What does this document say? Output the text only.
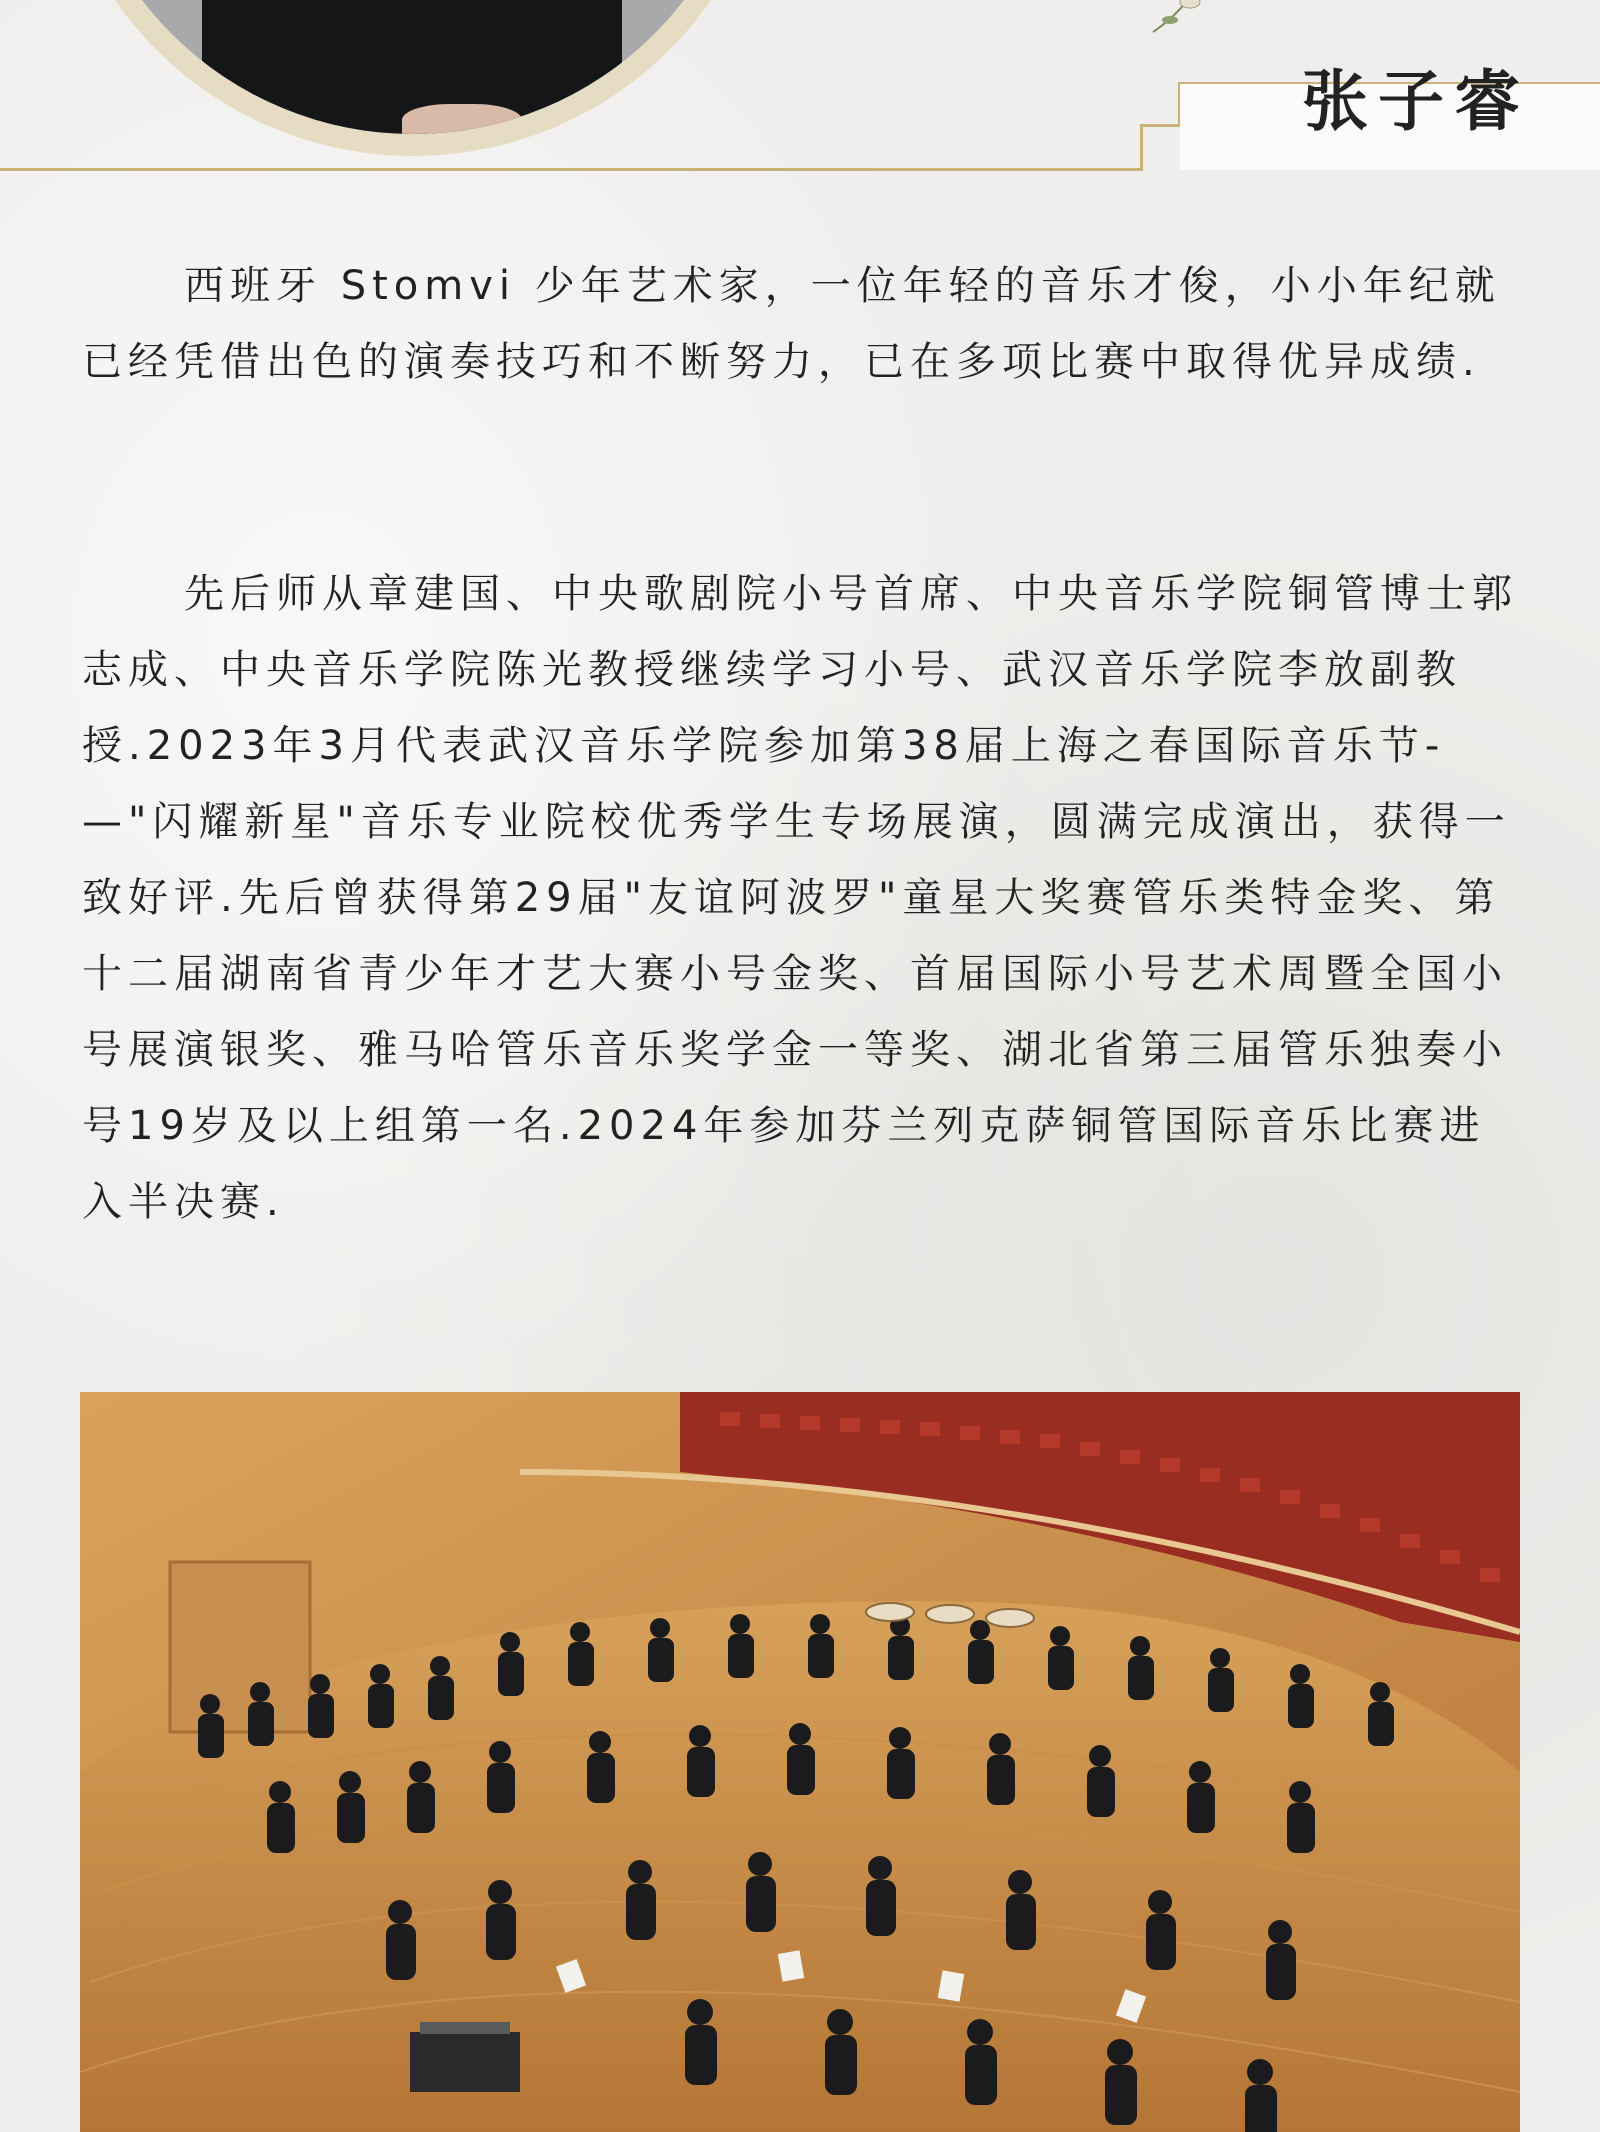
张子睿

西班牙 Stomvi 少年艺术家，一位年轻的音乐才俊，小小年纪就已经凭借出色的演奏技巧和不断努力，已在多项比赛中取得优异成绩.

先后师从章建国、中央歌剧院小号首席、中央音乐学院铜管博士郭志成、中央音乐学院陈光教授继续学习小号、武汉音乐学院李放副教授.2023年3月代表武汉音乐学院参加第38届上海之春国际音乐节-—"闪耀新星"音乐专业院校优秀学生专场展演，圆满完成演出，获得一致好评.先后曾获得第29届"友谊阿波罗"童星大奖赛管乐类特金奖、第十二届湖南省青少年才艺大赛小号金奖、首届国际小号艺术周暨全国小号展演银奖、雅马哈管乐音乐奖学金一等奖、湖北省第三届管乐独奏小号19岁及以上组第一名.2024年参加芬兰列克萨铜管国际音乐比赛进入半决赛.
